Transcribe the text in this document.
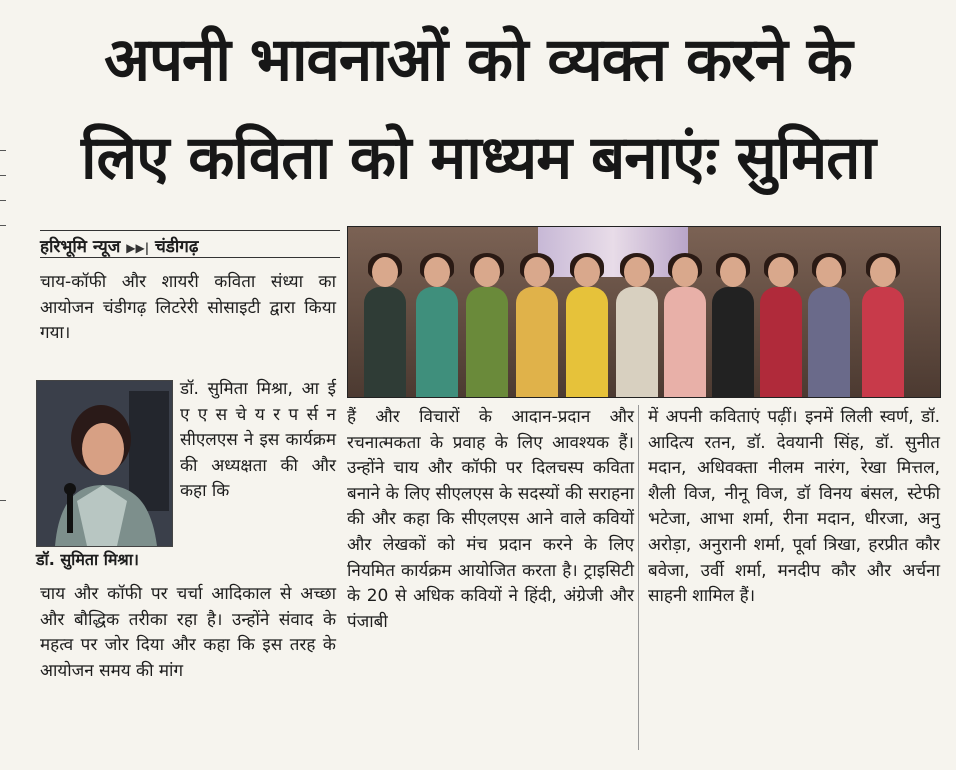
अपनी भावनाओं को व्यक्त करने के
लिए कविता को माध्यम बनाएंः सुमिता
हरिभूमि न्यूज ▶▶| चंडीगढ़

चाय-कॉफी और शायरी कविता संध्या का आयोजन चंडीगढ़ लिटरेरी सोसाइटी द्वारा किया गया।

डॉ. सुमिता मिश्रा, आ ई ए ए स चे य र प र्स न सीएलएस ने इस कार्यक्रम की अध्यक्षता की और कहा कि

डॉ. सुमिता मिश्रा।

चाय और कॉफी पर चर्चा आदिकाल से अच्छा और बौद्धिक तरीका रहा है। उन्होंने संवाद के महत्व पर जोर दिया और कहा कि इस तरह के आयोजन समय की मांग

हैं और विचारों के आदान-प्रदान और रचनात्मकता के प्रवाह के लिए आवश्यक हैं। उन्होंने चाय और कॉफी पर दिलचस्प कविता बनाने के लिए सीएलएस के सदस्यों की सराहना की और कहा कि सीएलएस आने वाले कवियों और लेखकों को मंच प्रदान करने के लिए नियमित कार्यक्रम आयोजित करता है। ट्राइसिटी के 20 से अधिक कवियों ने हिंदी, अंग्रेजी और पंजाबी

में अपनी कविताएं पढ़ीं। इनमें लिली स्वर्ण, डॉ. आदित्य रतन, डॉ. देवयानी सिंह, डॉ. सुनीत मदान, अधिवक्ता नीलम नारंग, रेखा मित्तल, शैली विज, नीनू विज, डॉ विनय बंसल, स्टेफी भटेजा, आभा शर्मा, रीना मदान, धीरजा, अनु अरोड़ा, अनुरानी शर्मा, पूर्वा त्रिखा, हरप्रीत कौर बवेजा, उर्वी शर्मा, मनदीप कौर और अर्चना साहनी शामिल हैं।
